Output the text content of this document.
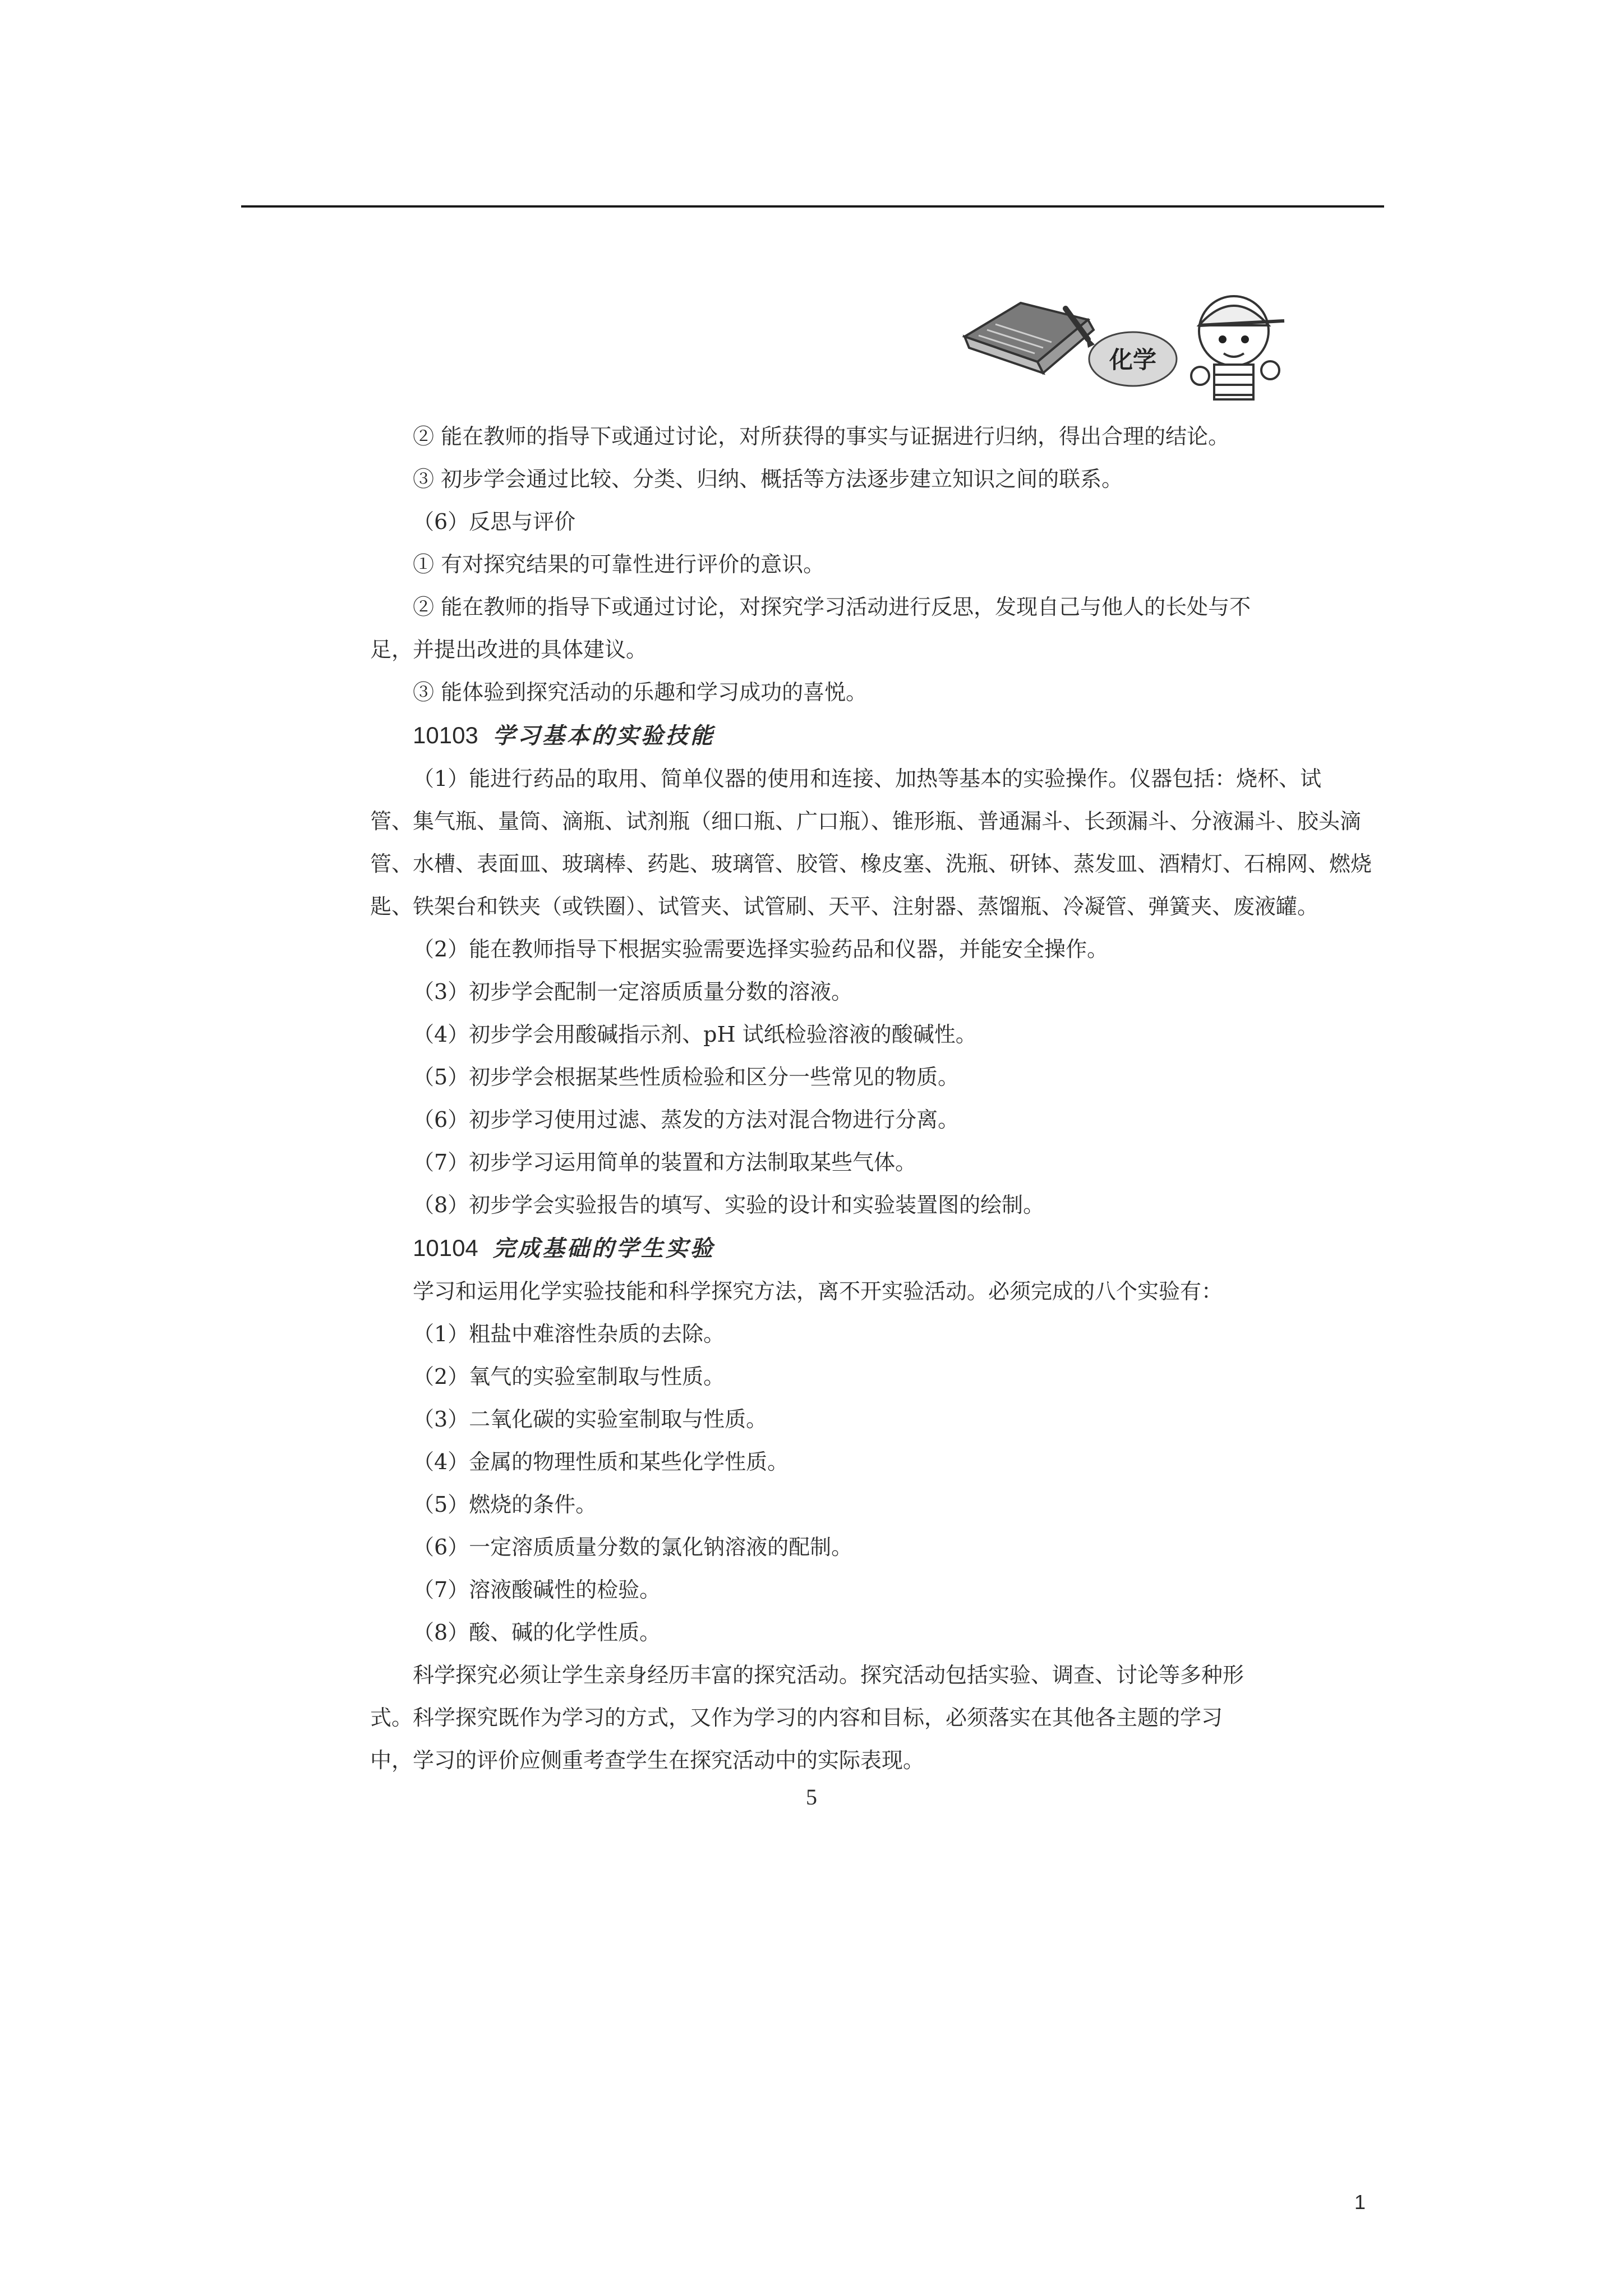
化学
② 能在教师的指导下或通过讨论，对所获得的事实与证据进行归纳，得出合理的结论。
③ 初步学会通过比较、分类、归纳、概括等方法逐步建立知识之间的联系。
（6）反思与评价
① 有对探究结果的可靠性进行评价的意识。
② 能在教师的指导下或通过讨论，对探究学习活动进行反思，发现自己与他人的长处与不
足，并提出改进的具体建议。
③ 能体验到探究活动的乐趣和学习成功的喜悦。
10103 学习基本的实验技能
（1）能进行药品的取用、简单仪器的使用和连接、加热等基本的实验操作。仪器包括：烧杯、试
管、集气瓶、量筒、滴瓶、试剂瓶（细口瓶、广口瓶）、锥形瓶、普通漏斗、长颈漏斗、分液漏斗、胶头滴
管、水槽、表面皿、玻璃棒、药匙、玻璃管、胶管、橡皮塞、洗瓶、研钵、蒸发皿、酒精灯、石棉网、燃烧
匙、铁架台和铁夹（或铁圈）、试管夹、试管刷、天平、注射器、蒸馏瓶、冷凝管、弹簧夹、废液罐。
（2）能在教师指导下根据实验需要选择实验药品和仪器，并能安全操作。
（3）初步学会配制一定溶质质量分数的溶液。
（4）初步学会用酸碱指示剂、pH 试纸检验溶液的酸碱性。
（5）初步学会根据某些性质检验和区分一些常见的物质。
（6）初步学习使用过滤、蒸发的方法对混合物进行分离。
（7）初步学习运用简单的装置和方法制取某些气体。
（8）初步学会实验报告的填写、实验的设计和实验装置图的绘制。
10104 完成基础的学生实验
学习和运用化学实验技能和科学探究方法，离不开实验活动。必须完成的八个实验有：
（1）粗盐中难溶性杂质的去除。
（2）氧气的实验室制取与性质。
（3）二氧化碳的实验室制取与性质。
（4）金属的物理性质和某些化学性质。
（5）燃烧的条件。
（6）一定溶质质量分数的氯化钠溶液的配制。
（7）溶液酸碱性的检验。
（8）酸、碱的化学性质。
科学探究必须让学生亲身经历丰富的探究活动。探究活动包括实验、调查、讨论等多种形
式。科学探究既作为学习的方式，又作为学习的内容和目标，必须落实在其他各主题的学习
中，学习的评价应侧重考查学生在探究活动中的实际表现。
5
1
